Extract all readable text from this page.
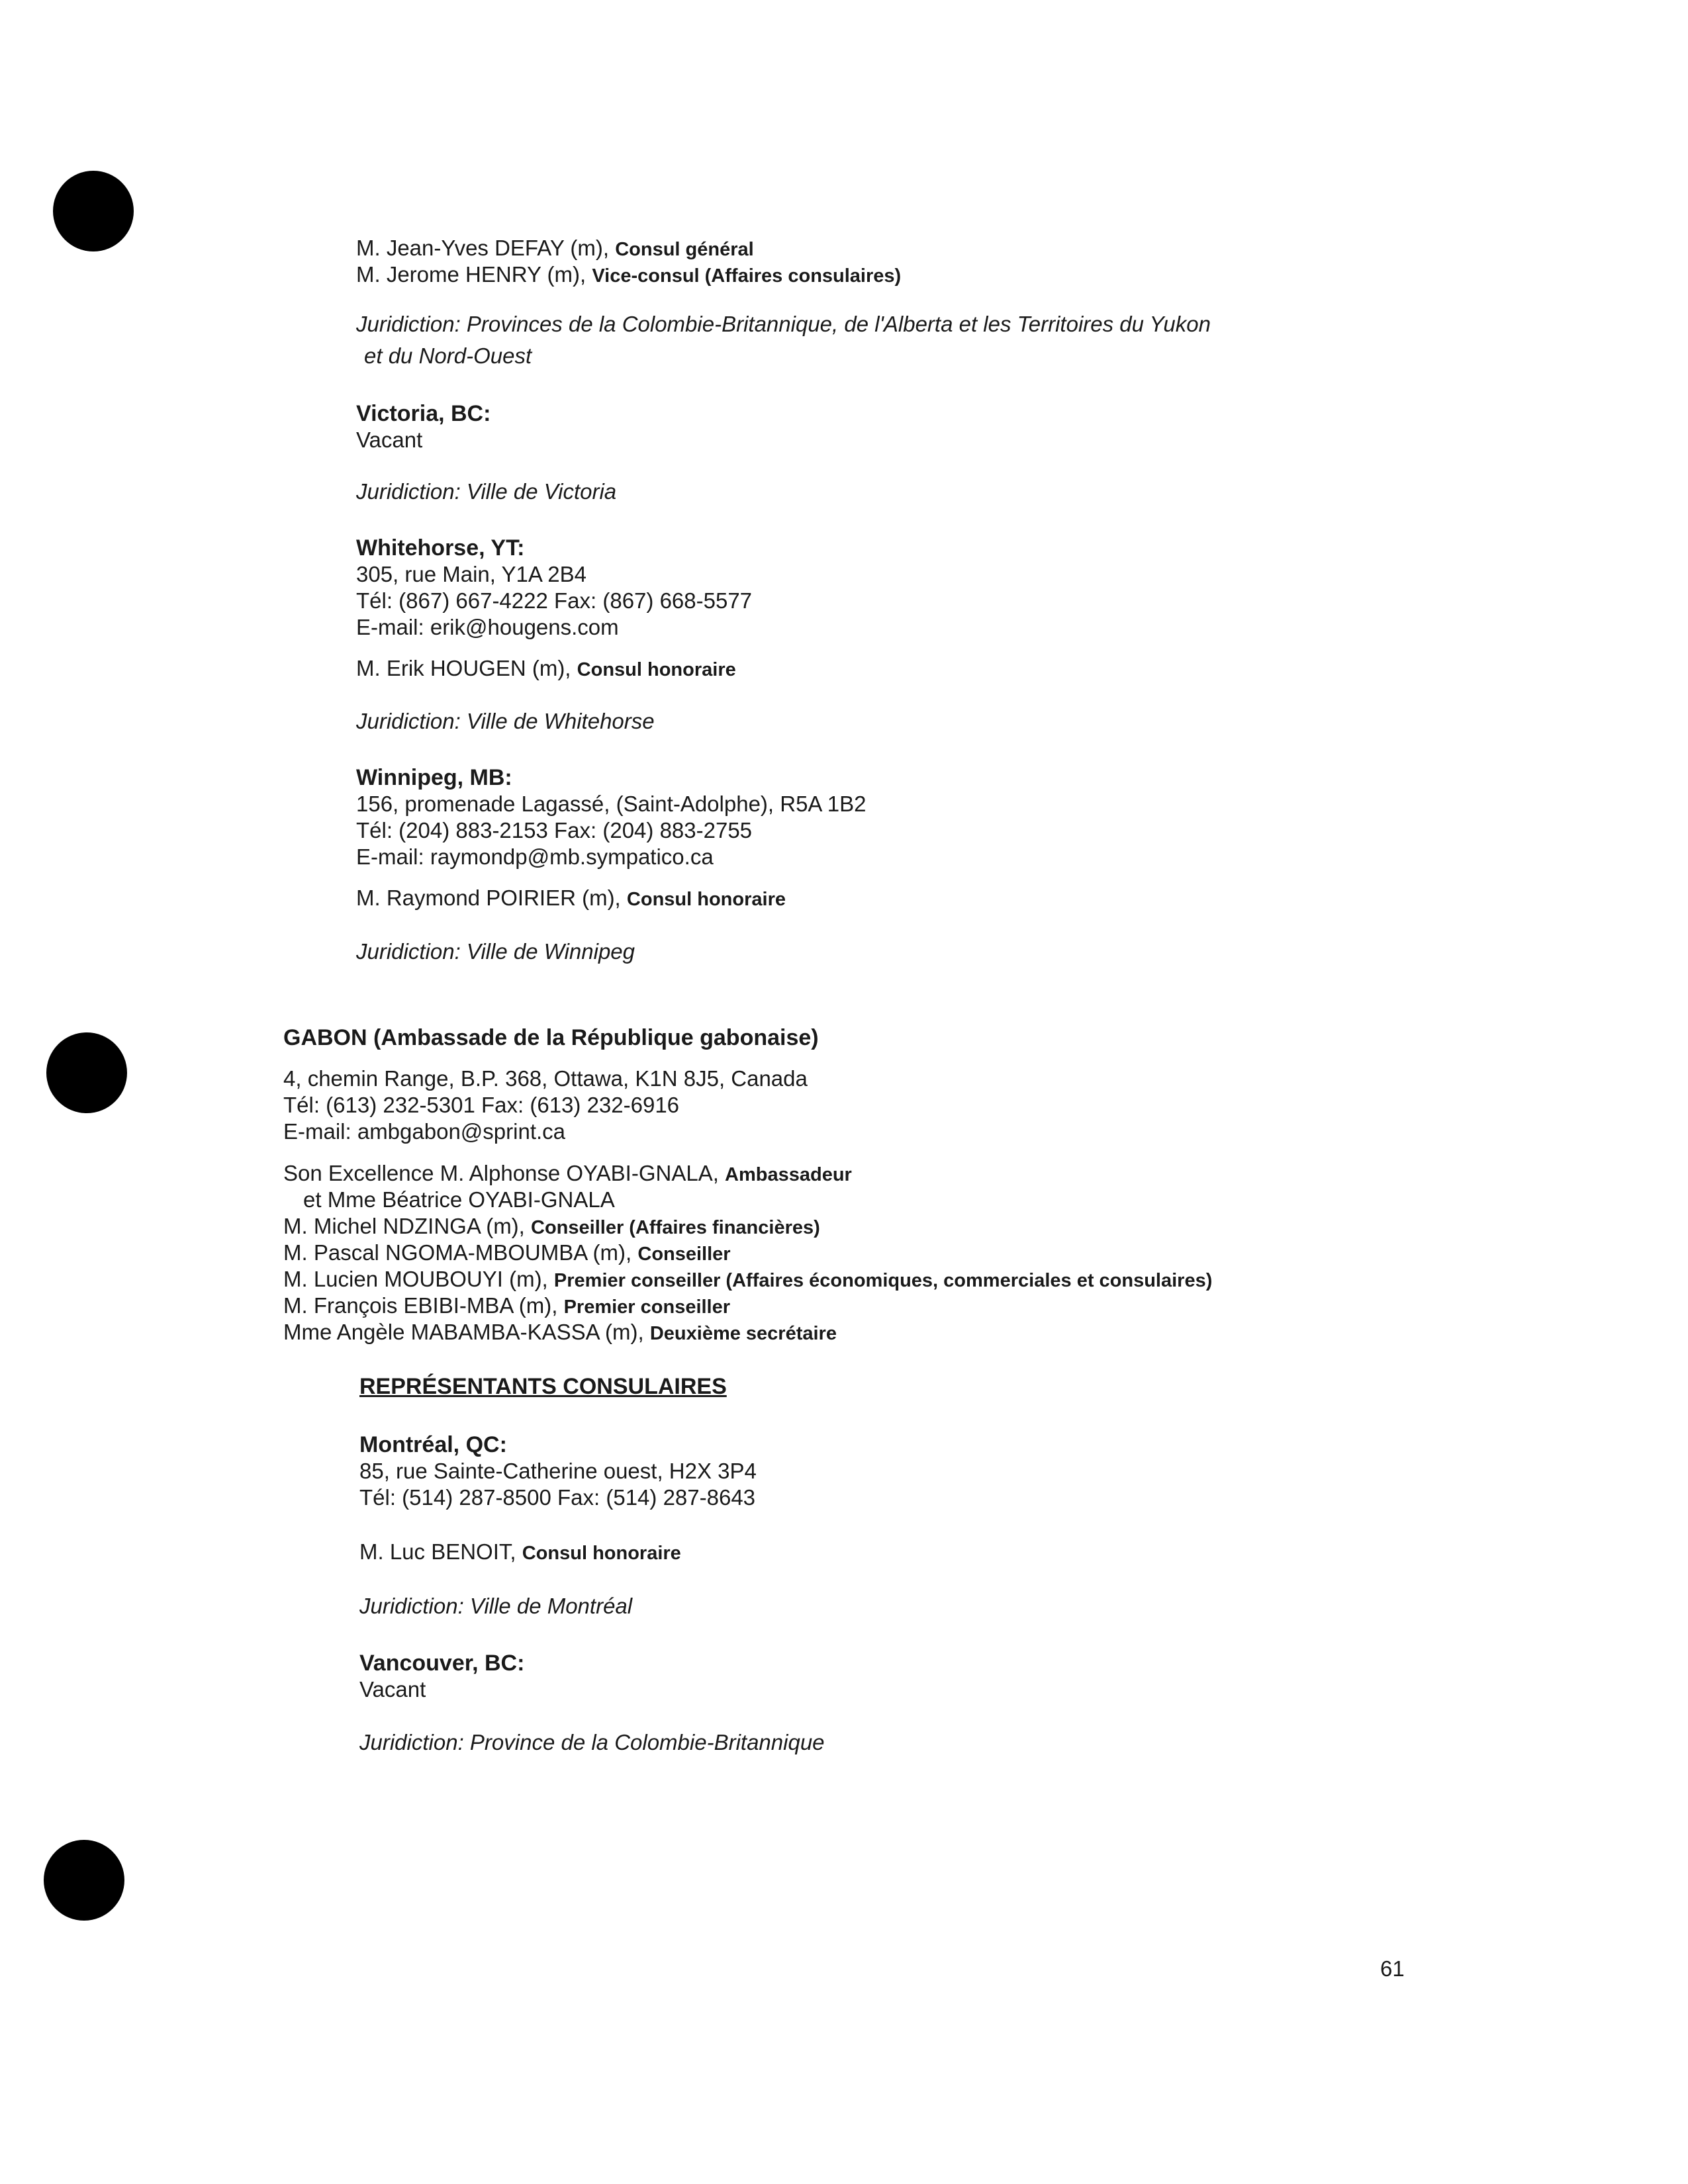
M. Jean-Yves DEFAY (m), Consul général
M. Jerome HENRY (m), Vice-consul (Affaires consulaires)
Juridiction: Provinces de la Colombie-Britannique, de l'Alberta et les Territoires du Yukon
et du Nord-Ouest
Victoria, BC:
Vacant
Juridiction: Ville de Victoria
Whitehorse, YT:
305, rue Main, Y1A 2B4
Tél: (867) 667-4222 Fax: (867) 668-5577
E-mail: erik@hougens.com
M. Erik HOUGEN (m), Consul honoraire
Juridiction: Ville de Whitehorse
Winnipeg, MB:
156, promenade Lagassé, (Saint-Adolphe), R5A 1B2
Tél: (204) 883-2153 Fax: (204) 883-2755
E-mail: raymondp@mb.sympatico.ca
M. Raymond POIRIER (m), Consul honoraire
Juridiction: Ville de Winnipeg
GABON (Ambassade de la République gabonaise)
4, chemin Range, B.P. 368, Ottawa, K1N 8J5, Canada
Tél: (613) 232-5301 Fax: (613) 232-6916
E-mail: ambgabon@sprint.ca
Son Excellence M. Alphonse OYABI-GNALA, Ambassadeur
et Mme Béatrice OYABI-GNALA
M. Michel NDZINGA (m), Conseiller (Affaires financières)
M. Pascal NGOMA-MBOUMBA (m), Conseiller
M. Lucien MOUBOUYI (m), Premier conseiller (Affaires économiques, commerciales et consulaires)
M. François EBIBI-MBA (m), Premier conseiller
Mme Angèle MABAMBA-KASSA (m), Deuxième secrétaire
REPRÉSENTANTS CONSULAIRES
Montréal, QC:
85, rue Sainte-Catherine ouest, H2X 3P4
Tél: (514) 287-8500 Fax: (514) 287-8643
M. Luc BENOIT, Consul honoraire
Juridiction: Ville de Montréal
Vancouver, BC:
Vacant
Juridiction: Province de la Colombie-Britannique
61
